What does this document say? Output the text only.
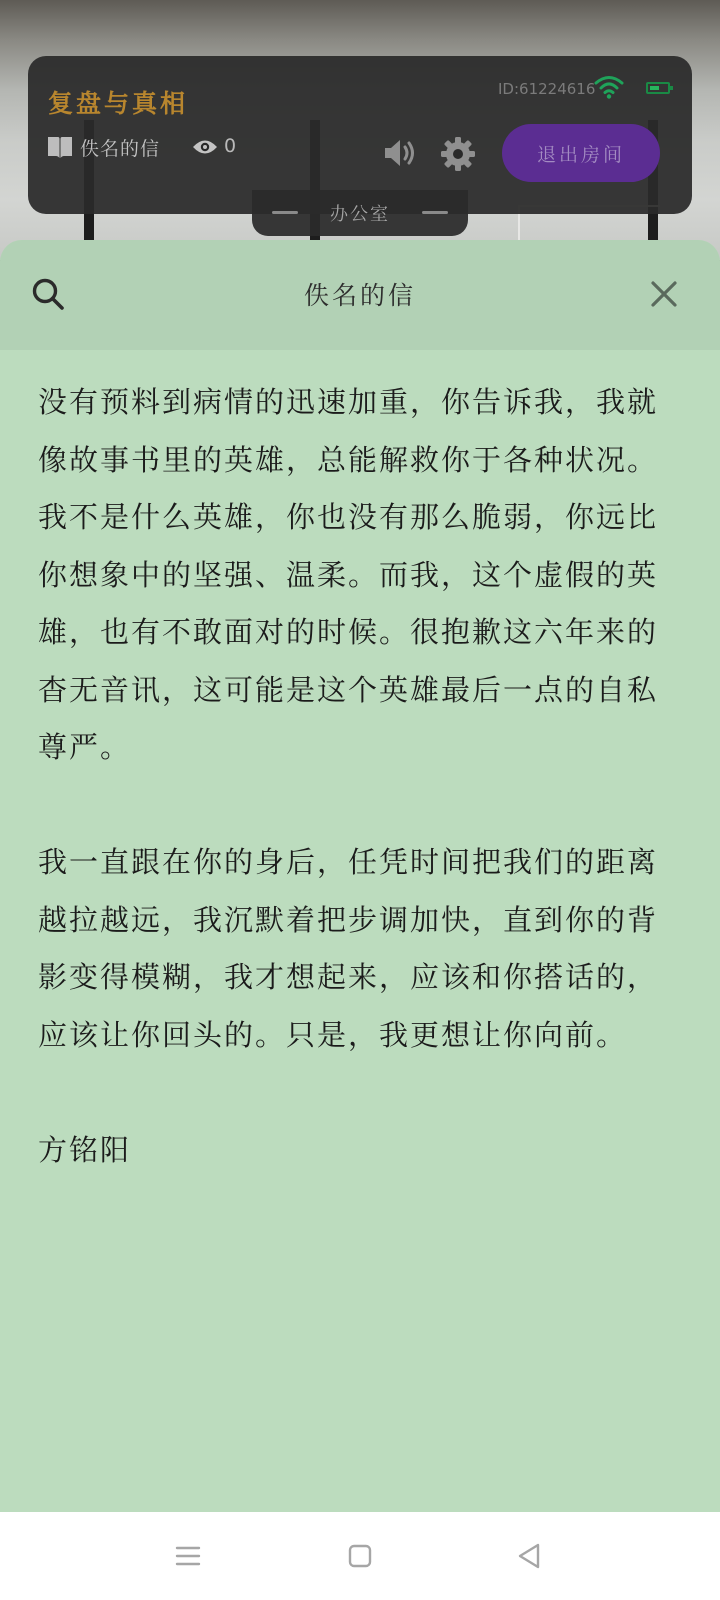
复盘与真相	ID:61224616
佚名的信	0	退出房间
办公室
佚名的信

没有预料到病情的迅速加重，你告诉我，我就像故事书里的英雄，总能解救你于各种状况。我不是什么英雄，你也没有那么脆弱，你远比你想象中的坚强、温柔。而我，这个虚假的英雄，也有不敢面对的时候。很抱歉这六年来的杳无音讯，这可能是这个英雄最后一点的自私尊严。

我一直跟在你的身后，任凭时间把我们的距离越拉越远，我沉默着把步调加快，直到你的背影变得模糊，我才想起来，应该和你搭话的，应该让你回头的。只是，我更想让你向前。

方铭阳
